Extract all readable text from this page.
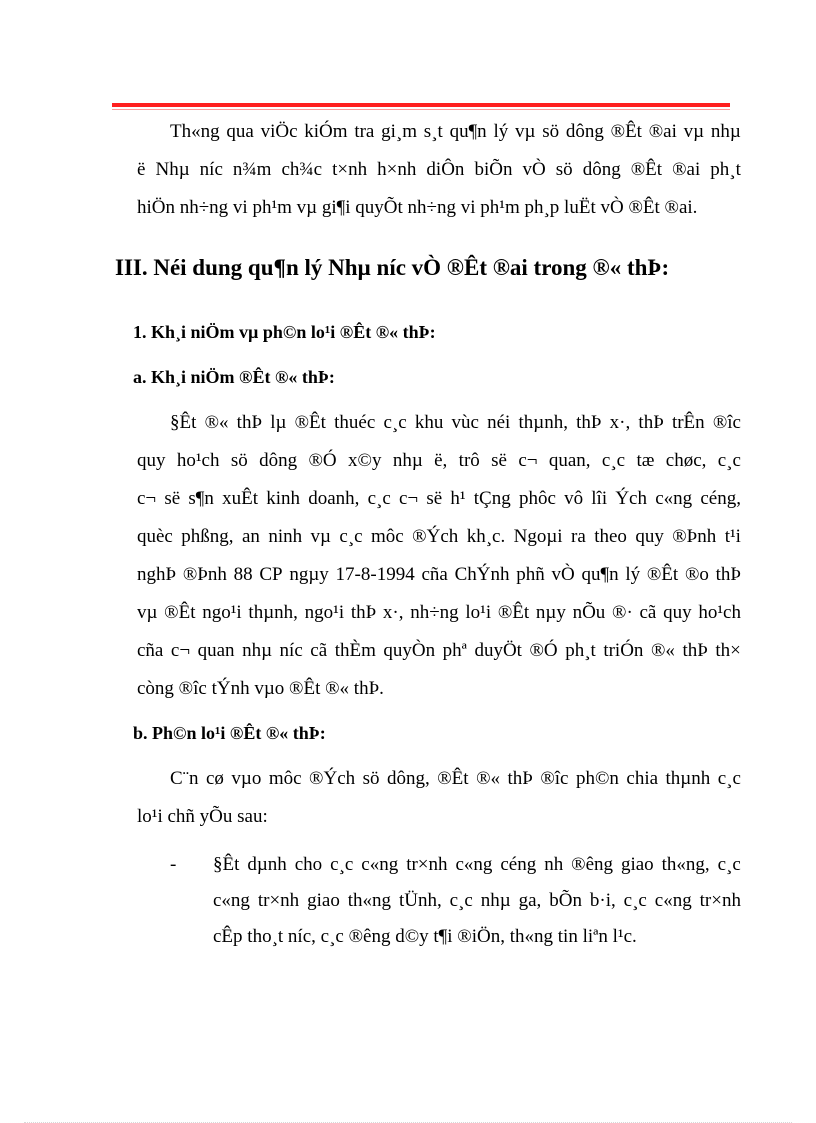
Th«ng qua viÖc kiÓm tra gi¸m s¸t qu¶n lý vµ sö dông ®Êt ®ai vµ nhµ
ë Nhµ níc n¾m ch¾c t×nh h×nh diÔn biÕn vÒ sö dông ®Êt ®ai ph¸t
hiÖn nh÷ng vi ph¹m vµ gi¶i quyÕt nh÷ng vi ph¹m ph¸p luËt vÒ ®Êt ®ai.
III. Néi dung qu¶n lý Nhµ níc vÒ ®Êt ®ai trong ®« thÞ:
1. Kh¸i niÖm vµ ph©n lo¹i ®Êt ®« thÞ:
a. Kh¸i niÖm ®Êt ®« thÞ:
§Êt ®« thÞ lµ ®Êt thuéc c¸c khu vùc néi thµnh, thÞ x·, thÞ trÊn ®îc
quy ho¹ch sö dông ®Ó x©y nhµ ë, trô së c¬ quan, c¸c tæ chøc, c¸c
c¬ së s¶n xuÊt kinh doanh, c¸c c¬ së h¹ tÇng phôc vô lîi Ých c«ng céng,
quèc phßng, an ninh vµ c¸c môc ®Ých kh¸c. Ngoµi ra theo quy ®Þnh t¹i
nghÞ ®Þnh 88 CP ngµy 17-8-1994 cña ChÝnh phñ vÒ qu¶n lý ®Êt ®o thÞ
vµ ®Êt ngo¹i thµnh, ngo¹i thÞ x·, nh÷ng lo¹i ®Êt nµy nÕu ®· cã quy ho¹ch
cña c¬ quan nhµ níc cã thÈm quyÒn phª duyÖt ®Ó ph¸t triÓn ®« thÞ th×
còng ®îc tÝnh vµo ®Êt ®« thÞ.
b. Ph©n lo¹i ®Êt ®« thÞ:
C¨n cø vµo môc ®Ých sö dông, ®Êt ®« thÞ ®îc ph©n chia thµnh c¸c
lo¹i chñ yÕu sau:
- §Êt dµnh cho c¸c c«ng tr×nh c«ng céng nh ®êng giao th«ng, c¸c
c«ng tr×nh giao th«ng tÜnh, c¸c nhµ ga, bÕn b·i, c¸c c«ng tr×nh
cÊp tho¸t níc, c¸c ®êng d©y t¶i ®iÖn, th«ng tin liªn l¹c.
